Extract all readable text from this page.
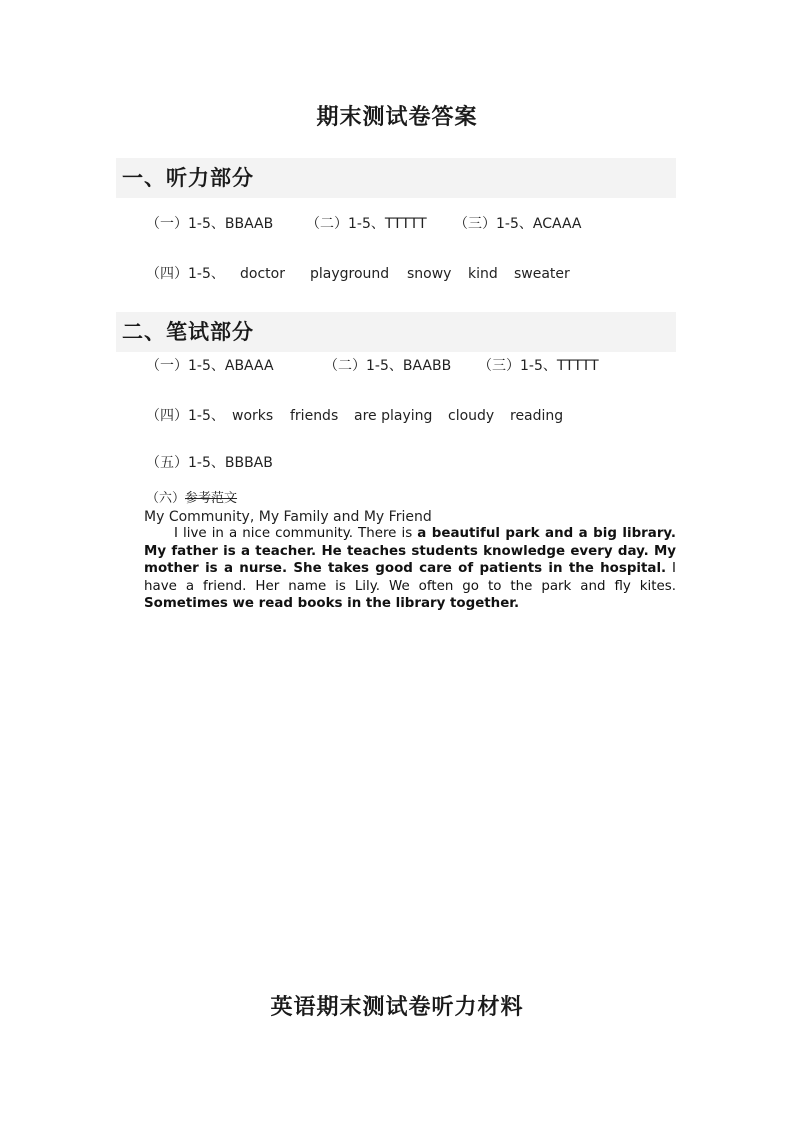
期末测试卷答案
一、听力部分
（一）1-5、BBAAB （二）1-5、TTTTT （三）1-5、ACAAA
（四）1-5、 doctor playground snowy kind sweater
二、笔试部分
（一）1-5、ABAAA	（二）1-5、BAABB （三）1-5、TTTTT
（四）1-5、 works friends are playing cloudy reading
（五）1-5、BBBAB
（六）参考范文
My Community, My Family and My Friend
I live in a nice community. There is a beautiful park and a big library. My father is a teacher. He teaches students knowledge every day. My mother is a nurse. She takes good care of patients in the hospital. I have a friend. Her name is Lily. We often go to the park and fly kites. Sometimes we read books in the library together.
英语期末测试卷听力材料
